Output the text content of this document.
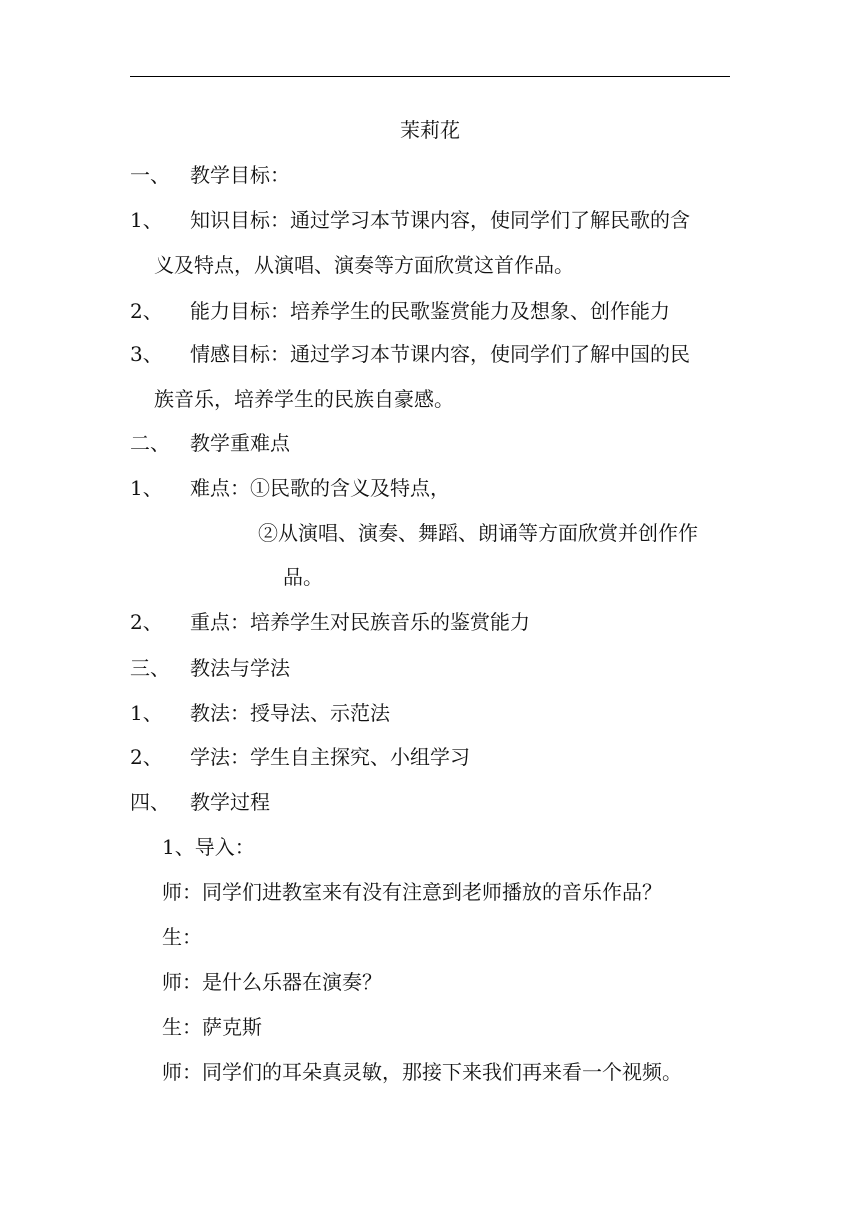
茉莉花
一、 教学目标：
1、 知识目标：通过学习本节课内容，使同学们了解民歌的含
义及特点，从演唱、演奏等方面欣赏这首作品。
2、 能力目标：培养学生的民歌鉴赏能力及想象、创作能力
3、 情感目标：通过学习本节课内容，使同学们了解中国的民
族音乐，培养学生的民族自豪感。
二、 教学重难点
1、 难点：①民歌的含义及特点，
②从演唱、演奏、舞蹈、朗诵等方面欣赏并创作作
品。
2、 重点：培养学生对民族音乐的鉴赏能力
三、 教法与学法
1、 教法：授导法、示范法
2、 学法：学生自主探究、小组学习
四、 教学过程
1、导入：
师：同学们进教室来有没有注意到老师播放的音乐作品？
生：
师：是什么乐器在演奏？
生：萨克斯
师：同学们的耳朵真灵敏，那接下来我们再来看一个视频。
